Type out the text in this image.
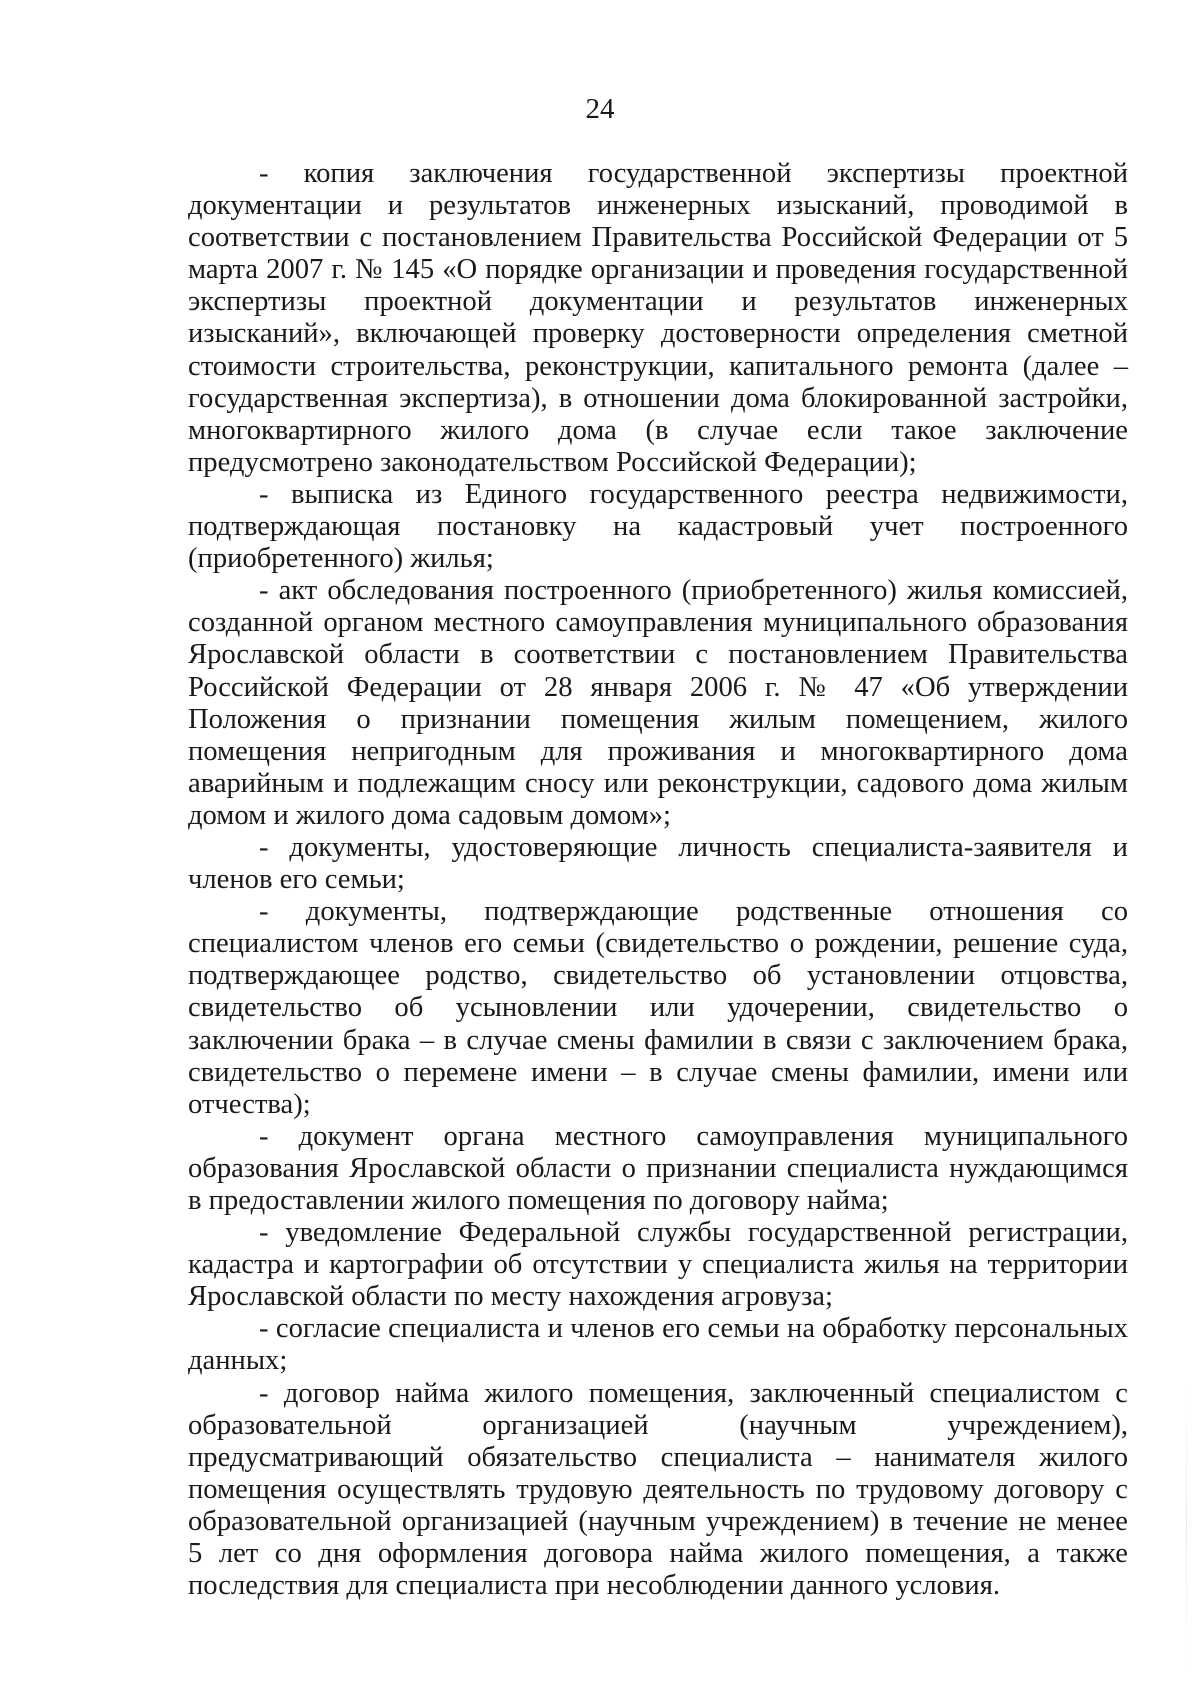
24

- копия заключения государственной экспертизы проектной документации и результатов инженерных изысканий, проводимой в соответствии с постановлением Правительства Российской Федерации от 5 марта 2007 г. № 145 «О порядке организации и проведения государственной экспертизы проектной документации и результатов инженерных изысканий», включающей проверку достоверности определения сметной стоимости строительства, реконструкции, капитального ремонта (далее – государственная экспертиза), в отношении дома блокированной застройки, многоквартирного жилого дома (в случае если такое заключение предусмотрено законодательством Российской Федерации);

- выписка из Единого государственного реестра недвижимости, подтверждающая постановку на кадастровый учет построенного (приобретенного) жилья;

- акт обследования построенного (приобретенного) жилья комиссией, созданной органом местного самоуправления муниципального образования Ярославской области в соответствии с постановлением Правительства Российской Федерации от 28 января 2006 г. № 47 «Об утверждении Положения о признании помещения жилым помещением, жилого помещения непригодным для проживания и многоквартирного дома аварийным и подлежащим сносу или реконструкции, садового дома жилым домом и жилого дома садовым домом»;

- документы, удостоверяющие личность специалиста-заявителя и членов его семьи;

- документы, подтверждающие родственные отношения со специалистом членов его семьи (свидетельство о рождении, решение суда, подтверждающее родство, свидетельство об установлении отцовства, свидетельство об усыновлении или удочерении, свидетельство о заключении брака – в случае смены фамилии в связи с заключением брака, свидетельство о перемене имени – в случае смены фамилии, имени или отчества);

- документ органа местного самоуправления муниципального образования Ярославской области о признании специалиста нуждающимся в предоставлении жилого помещения по договору найма;

- уведомление Федеральной службы государственной регистрации, кадастра и картографии об отсутствии у специалиста жилья на территории Ярославской области по месту нахождения агровуза;

- согласие специалиста и членов его семьи на обработку персональных данных;

- договор найма жилого помещения, заключенный специалистом с образовательной организацией (научным учреждением), предусматривающий обязательство специалиста – нанимателя жилого помещения осуществлять трудовую деятельность по трудовому договору с образовательной организацией (научным учреждением) в течение не менее 5 лет со дня оформления договора найма жилого помещения, а также последствия для специалиста при несоблюдении данного условия.
